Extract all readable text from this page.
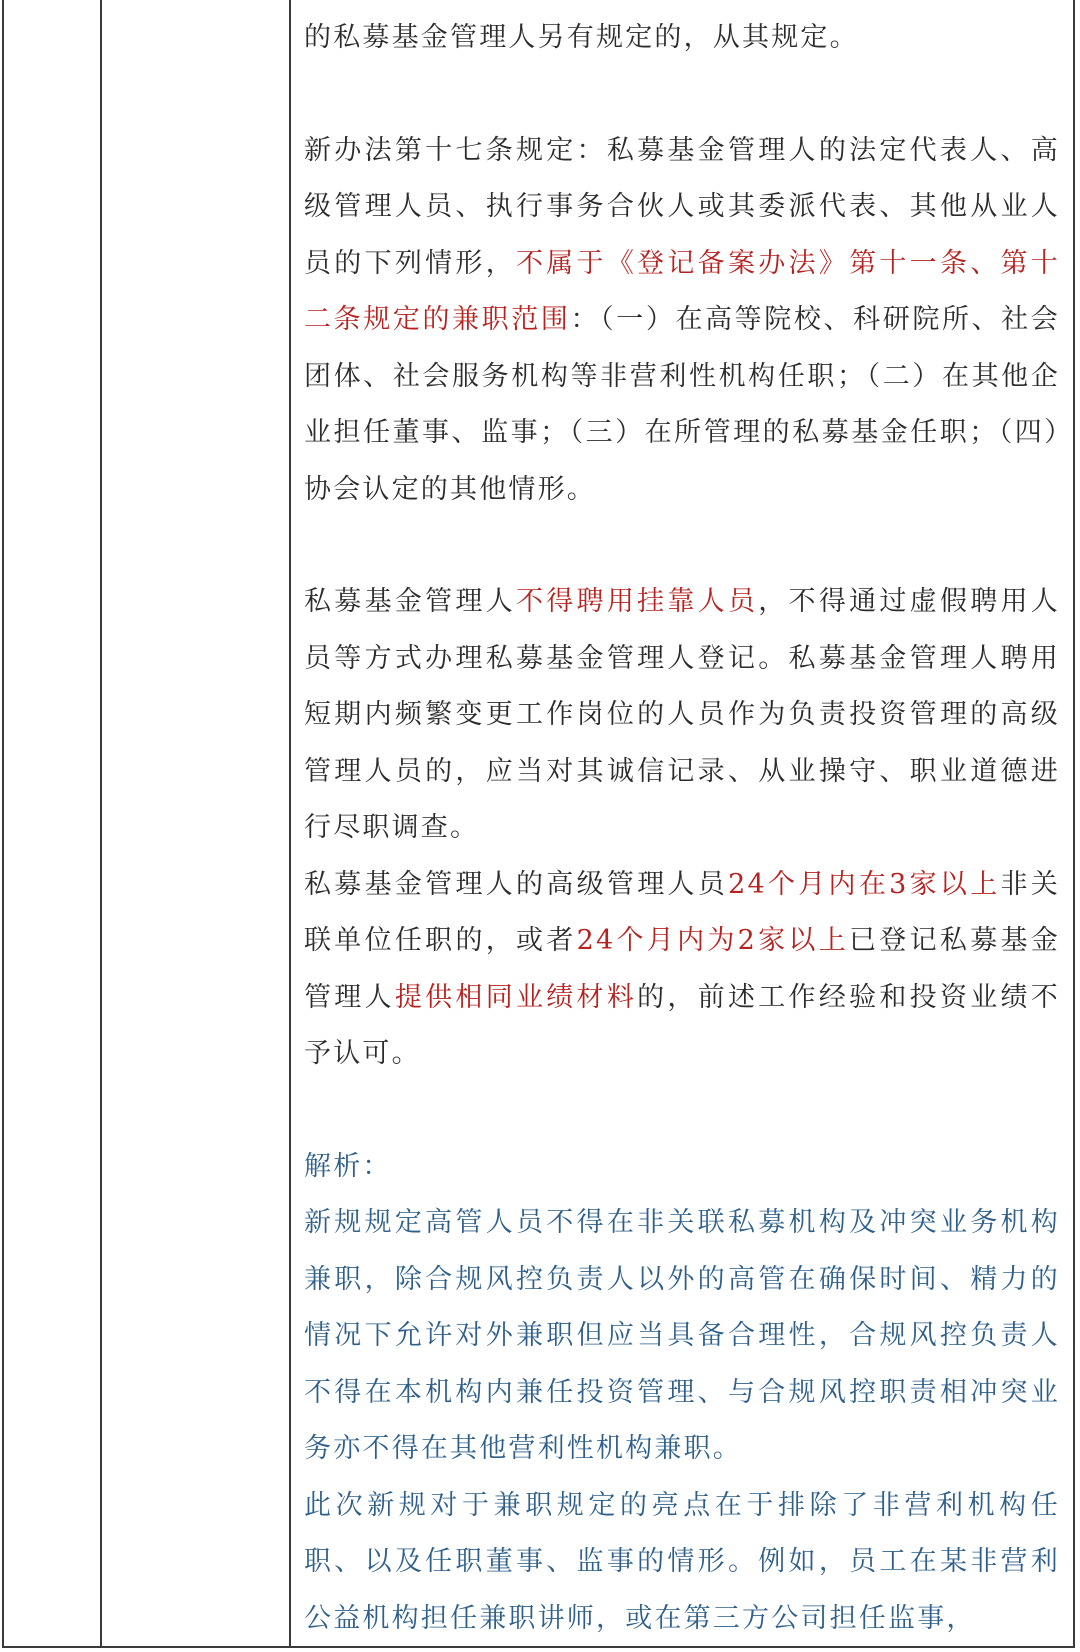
的私募基金管理人另有规定的，从其规定。

新办法第十七条规定：私募基金管理人的法定代表人、高级管理人员、执行事务合伙人或其委派代表、其他从业人员的下列情形，不属于《登记备案办法》第十一条、第十二条规定的兼职范围：（一）在高等院校、科研院所、社会团体、社会服务机构等非营利性机构任职；（二）在其他企业担任董事、监事；（三）在所管理的私募基金任职；（四）协会认定的其他情形。

私募基金管理人不得聘用挂靠人员，不得通过虚假聘用人员等方式办理私募基金管理人登记。私募基金管理人聘用短期内频繁变更工作岗位的人员作为负责投资管理的高级管理人员的，应当对其诚信记录、从业操守、职业道德进行尽职调查。

私募基金管理人的高级管理人员24个月内在3家以上非关联单位任职的，或者24个月内为2家以上已登记私募基金管理人提供相同业绩材料的，前述工作经验和投资业绩不予认可。

解析：

新规规定高管人员不得在非关联私募机构及冲突业务机构兼职，除合规风控负责人以外的高管在确保时间、精力的情况下允许对外兼职但应当具备合理性，合规风控负责人不得在本机构内兼任投资管理、与合规风控职责相冲突业务亦不得在其他营利性机构兼职。

此次新规对于兼职规定的亮点在于排除了非营利机构任职、以及任职董事、监事的情形。例如，员工在某非营利公益机构担任兼职讲师，或在第三方公司担任监事，
